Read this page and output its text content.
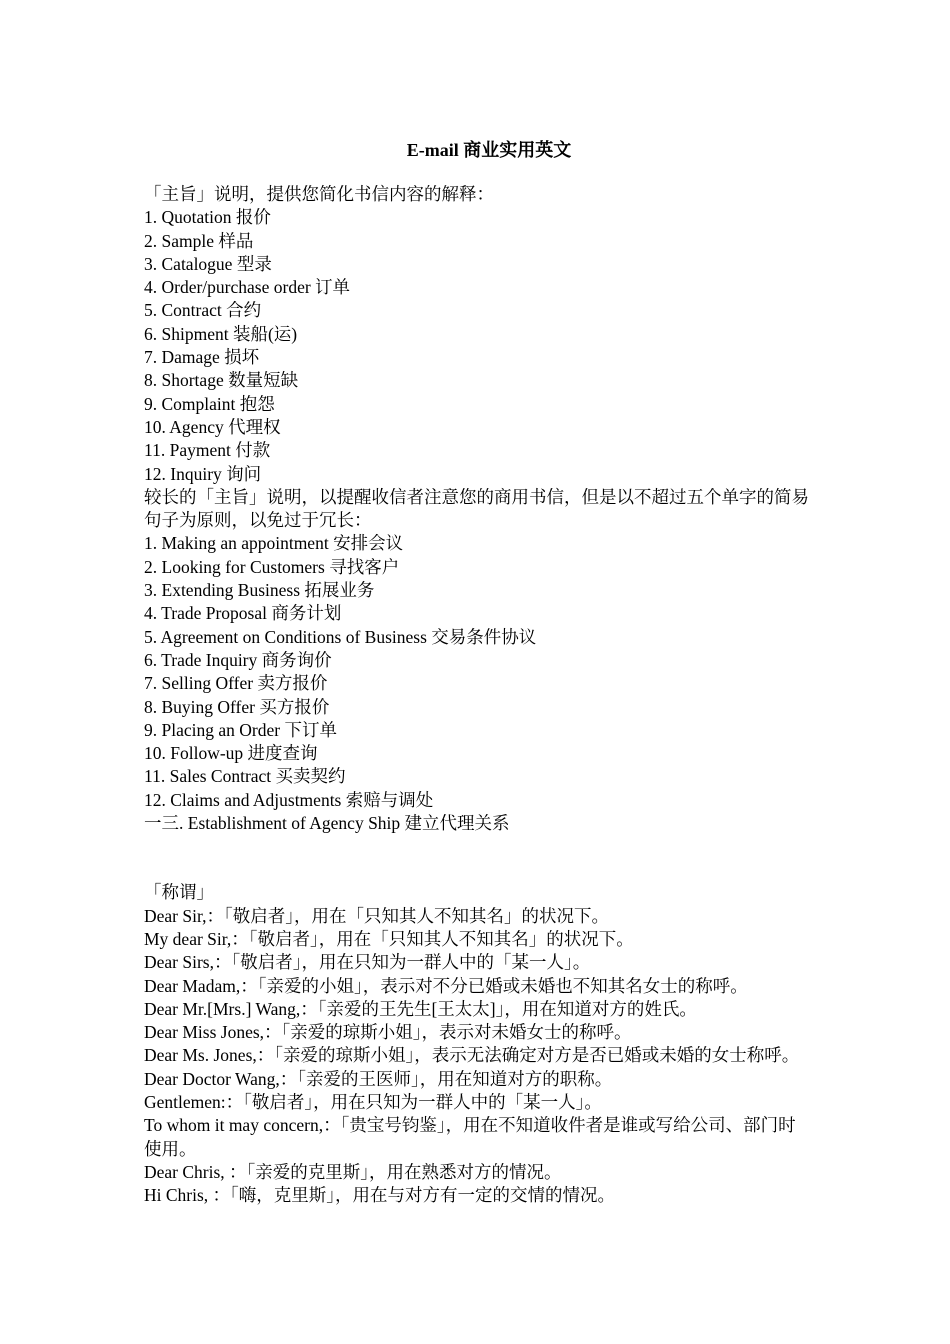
E-mail 商业实用英文
「主旨」说明，提供您简化书信内容的解释：
1. Quotation 报价
2. Sample 样品
3. Catalogue 型录
4. Order/purchase order 订单
5. Contract 合约
6. Shipment 装船(运)
7. Damage 损坏
8. Shortage 数量短缺
9. Complaint 抱怨
10. Agency 代理权
11. Payment 付款
12. Inquiry 询问
较长的「主旨」说明，以提醒收信者注意您的商用书信，但是以不超过五个单字的简易句子为原则，以免过于冗长：
1. Making an appointment 安排会议
2. Looking for Customers 寻找客户
3. Extending Business 拓展业务
4. Trade Proposal 商务计划
5. Agreement on Conditions of Business 交易条件协议
6. Trade Inquiry 商务询价
7. Selling Offer 卖方报价
8. Buying Offer 买方报价
9. Placing an Order 下订单
10. Follow-up 进度查询
11. Sales Contract 买卖契约
12. Claims and Adjustments 索赔与调处
一三. Establishment of Agency Ship 建立代理关系
「称谓」
Dear Sir,：「敬启者」，用在「只知其人不知其名」的状况下。
My dear Sir,：「敬启者」，用在「只知其人不知其名」的状况下。
Dear Sirs,：「敬启者」，用在只知为一群人中的「某一人」。
Dear Madam,：「亲爱的小姐」，表示对不分已婚或未婚也不知其名女士的称呼。
Dear Mr.[Mrs.] Wang,：「亲爱的王先生[王太太]」，用在知道对方的姓氏。
Dear Miss Jones,：「亲爱的琼斯小姐」，表示对未婚女士的称呼。
Dear Ms. Jones,：「亲爱的琼斯小姐」，表示无法确定对方是否已婚或未婚的女士称呼。
Dear Doctor Wang,：「亲爱的王医师」，用在知道对方的职称。
Gentlemen:：「敬启者」，用在只知为一群人中的「某一人」。
To whom it may concern,：「贵宝号钧鉴」，用在不知道收件者是谁或写给公司、部门时使用。
Dear Chris, ：「亲爱的克里斯」，用在熟悉对方的情况。
Hi Chris, ：「嗨，克里斯」，用在与对方有一定的交情的情况。
